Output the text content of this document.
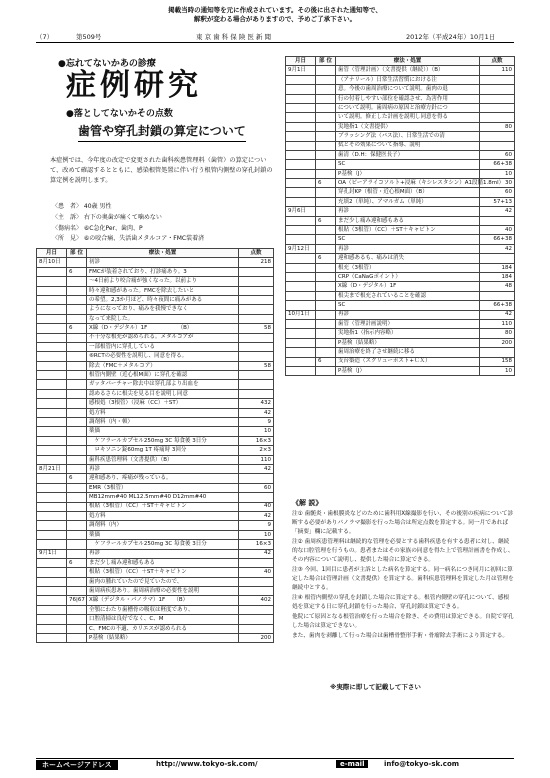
掲載当時の通知等を元に作成されています。その後に出された通知等で、
解釈が変わる場合がありますので、予めご了承下さい。
（7）	第509号	東 京 歯 科 保 険 医 新 聞	2012年（平成24年）10月1日
●忘れてないかあの診療
症例研究
●落としてないかその点数
歯管や穿孔封鎖の算定について
本症例では、今年度の改定で変更された歯科疾患管理料（歯管）の算定について、改めて確認するとともに、感染根管処置に伴い行う根管内側壁の穿孔封鎖の算定例を説明します。
〈患　者〉 40歳 男性
〈主　訴〉 右下の奥歯が痛くて噛めない
〈傷病名〉 ⑥C急化Per、歯肉、P
〈所　見〉 ⑥の咬合痛、失活歯メタルコア・FMC装着済
月日	部 位	療法・処置	点数
8月10日		初診	218
	6	FMCが装着されており、打診痛あり。3	
		～4日前より咬合痛が強くなった。以前より	
		時々違和感があった。FMCを除去したいと	
		の希望。2,3か月ほど、時々夜間に痛みがある	
		ようになっており、痛みを我慢できなく	
		なって来院した。	
	6	X線（D・デジタル）1F　　　　　　（B）	58
		不十分な根充が認められる。メタルコアが	
		一部根管内に穿孔している	
		⑥RCTの必要性を説明し、同意を得る。	
		除去（FMC＋メタルコア）	58
		根管内側壁（近心根M面）に穿孔を確認	
		ガッタパーチャー除去中は穿孔部より出血を	
		認めるさらに根尖を見る目を説明し同意	
		感根処（3根管）（浸麻（CC）＋ST）	432
		処方料	42
		調剤料（内・頓）	9
		薬価	10
		　ケフラールカプセル250mg 3C 毎食後 3日分	16×3
		　ロキソニン錠60mg 1T 疼痛時 3回分	2×3
		歯科疾患管理料（文書提供）（B）	110
8月21日		再診	42
	6	違和感あり、疼痛が残っている。	
		EMR（3根管）	60
		MB12mm#40 ML12.5mm#40 D12mm#40	
		根貼（3根管）（CC）＋ST＋キャビトン	40
		処方料	42
		調剤料（内）	9
		薬価	10
		　ケフラールカプセル250mg 3C 毎食後 3日分	16×3
9月1日		再診	42
	6	まだ少し痛み違和感もある	
		根貼（3根管）（CC）＋ST＋キャビトン	40
		歯肉の腫れていたので見ていたので、	
		歯周病疾患あり。歯周病治療の必要性を説明	
	76|67	X線（デジタル・パノラマ）1F　　（B）	402
		全顎にわたり歯槽骨の吸収は軽度であり、	
		口腔清掃は良好でなく、C、M	
		C、FMCの不適、カリエスが認められる	
		P基検（結果略）	200
月日	部 位	療法・処置	点数
9月1日		歯管（管理計画）（文書提供（継続））（B）	110
		（アナリール）日常生活習慣における注	
		意。今後の歯周治療について説明。歯肉の退	
		行の付着しやすい部位を確認させ、為害作用	
		について説明。歯周病の原因と治療方針につ	
		いて説明。修正した計画を説明し同意を得る	
		実地指1（文書提供）	80
		ブラッシング法（バス法）、日常生活での清	
		拭とその効果について指導、説明	
		歯清（D.H：保健医長子）	60
		SC	66+38
		P基検（J）	10
	6	OA（ピーアライコソルト+浸麻（キシレスタシン）A1段階1.8ml）	30
		穿孔封KP（根管・近心根M面）（B）	60
		充填2（単純）、アマルガム（単純）	57+13
9月6日		再診	42
	6	まだ少し痛み違和感もある	
		根貼（3根管）（CC）＋ST＋キャビトン	40
		SC	66+38
9月12日		再診	42
	6	違和感あるも、痛みは消失	
		根充（3根管）	184
		CRP（CaNaGポイント）	184
		X線（D・デジタル）1F	48
		根尖まで根充されていることを確認	
		SC	66+38
10月1日		再診	42
		歯管（管理計画説明）	110
		実地指1（指示内容略）	80
		P基検（結果略）	200
		歯周治療を終了させ継続に移る	
	6	支台築造（スクリューポスト+ＣＸ）	158
		P基検（J）	10
《解 説》

注① 歯髄炎・歯根膜炎などのために歯科用X線撮影を行い、その後別の疾病について診断する必要がありパノラマ撮影を行った場合は所定点数を算定する。同一月であれば「摘要」欄に記載する。

注② 歯周疾患管理料は継続的な管理を必要とする歯科疾患を有する患者に対し、継続的な口腔管理を行うもの。患者またはその家族の同意を得た上で管理計画書を作成し、その内容について説明し、提供した場合に算定できる。

注③ 今回、1回目に患者が主訴とした病名を算定する。同一病名につき同月に初回に算定した場合は管理計画（文書提供）を算定する。歯科疾患管理料を算定した月は管理を継続中とする。

注④ 根管内側壁の穿孔を封鎖した場合に算定する。根管内側壁の穿孔について、感根処を算定する日に穿孔封鎖を行った場合、穿孔封鎖は算定できる。

他院にて原因となる根管治療を行った場合を除き、その費用は算定できる。自院で穿孔した場合は算定できない。

また、歯肉を剥離して行った場合は歯槽骨整形手術・骨瘤除去手術により算定する。

※実際に即して記載して下さい
ホームページアドレス	http://www.tokyo-sk.com/	e-mail	info@tokyo-sk.com
